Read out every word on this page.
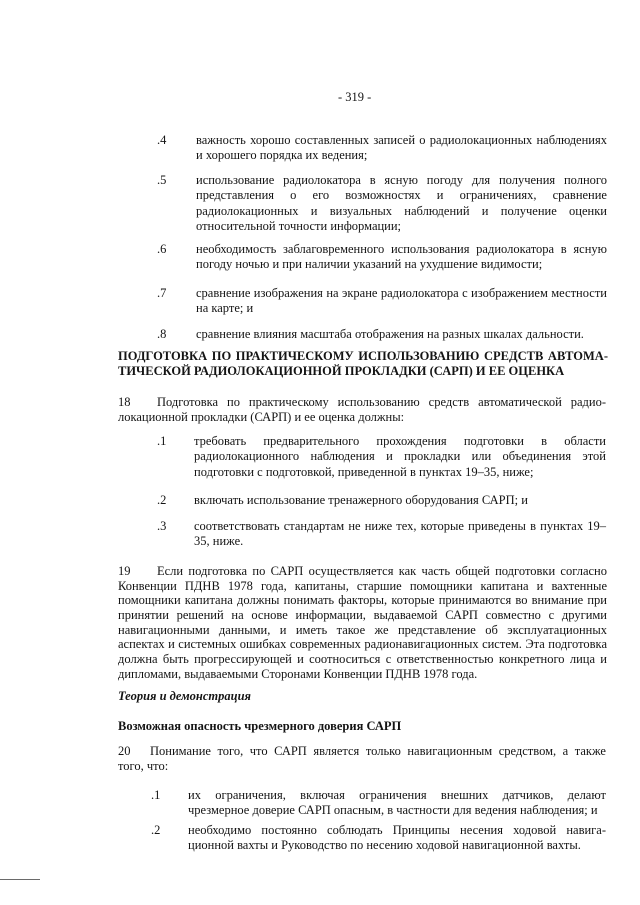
- 319 -
.4 важность хорошо составленных записей о радиолокационных наблюдениях
и хорошего порядка их ведения;
.5 использование радиолокатора в ясную погоду для получения полного
представления о его возможностях и ограничениях, сравнение
радиолокационных и визуальных наблюдений и получение оценки
относительной точности информации;
.6 необходимость заблаговременного использования радиолокатора в ясную
погоду ночью и при наличии указаний на ухудшение видимости;
.7 сравнение изображения на экране радиолокатора с изображением местности
на карте; и
.8 сравнение влияния масштаба отображения на разных шкалах дальности.
ПОДГОТОВКА ПО ПРАКТИЧЕСКОМУ ИСПОЛЬЗОВАНИЮ СРЕДСТВ АВТОМА-
ТИЧЕСКОЙ РАДИОЛОКАЦИОННОЙ ПРОКЛАДКИ (САРП) И ЕЕ ОЦЕНКА
18	Подготовка по практическому использованию средств автоматической радио-
локационной прокладки (САРП) и ее оценка должны:
.1 требовать предварительного прохождения подготовки в области
радиолокационного наблюдения и прокладки или объединения этой
подготовки с подготовкой, приведенной в пунктах 19–35, ниже;
.2 включать использование тренажерного оборудования САРП; и
.3 соответствовать стандартам не ниже тех, которые приведены в пунктах 19–
35, ниже.
19	Если подготовка по САРП осуществляется как часть общей подготовки согласно
Конвенции ПДНВ 1978 года, капитаны, старшие помощники капитана и вахтенные
помощники капитана должны понимать факторы, которые принимаются во внимание при
принятии решений на основе информации, выдаваемой САРП совместно с другими
навигационными данными, и иметь такое же представление об эксплуатационных
аспектах и системных ошибках современных радионавигационных систем. Эта подготовка
должна быть прогрессирующей и соотноситься с ответственностью конкретного лица и
дипломами, выдаваемыми Сторонами Конвенции ПДНВ 1978 года.
Теория и демонстрация
Возможная опасность чрезмерного доверия САРП
20	Понимание того, что САРП является только навигационным средством, а также
того, что:
.1 их ограничения, включая ограничения внешних датчиков, делают
чрезмерное доверие САРП опасным, в частности для ведения наблюдения; и
.2 необходимо постоянно соблюдать Принципы несения ходовой навига-
ционной вахты и Руководство по несению ходовой навигационной вахты.
